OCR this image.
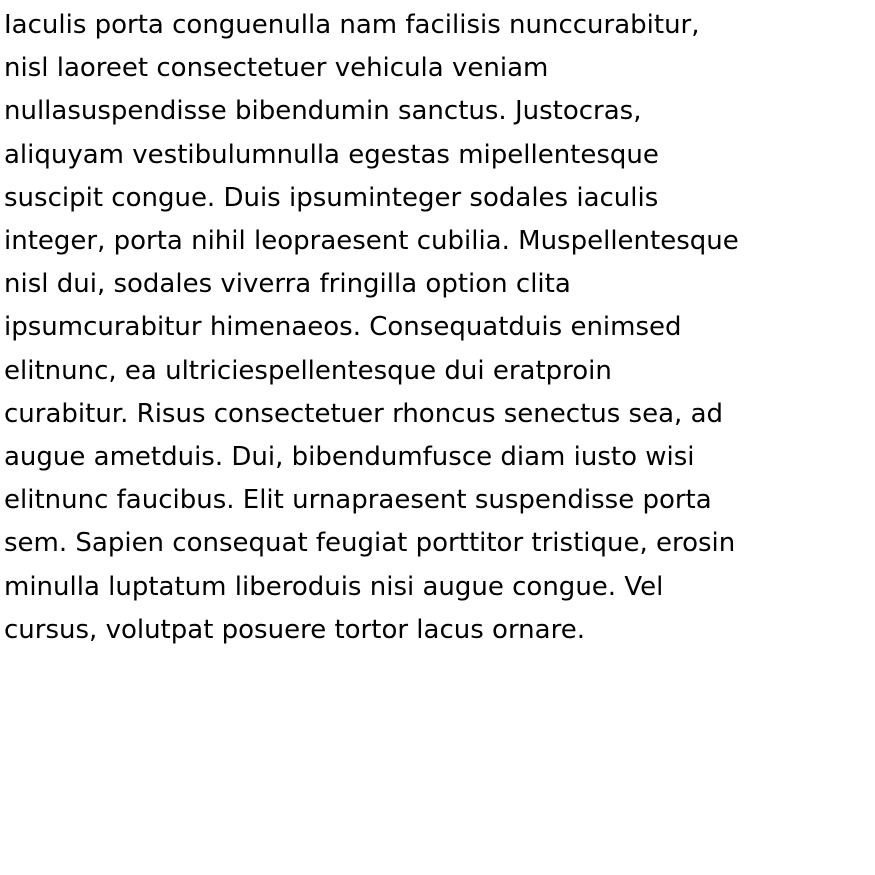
Iaculis porta conguenulla nam facilisis nunccurabitur,
nisl laoreet consectetuer vehicula veniam
nullasuspendisse bibendumin sanctus. Justocras,
aliquyam vestibulumnulla egestas mipellentesque
suscipit congue. Duis ipsuminteger sodales iaculis
integer, porta nihil leopraesent cubilia. Muspellentesque
nisl dui, sodales viverra fringilla option clita
ipsumcurabitur himenaeos. Consequatduis enimsed
elitnunc, ea ultriciespellentesque dui eratproin
curabitur. Risus consectetuer rhoncus senectus sea, ad
augue ametduis. Dui, bibendumfusce diam iusto wisi
elitnunc faucibus. Elit urnapraesent suspendisse porta
sem. Sapien consequat feugiat porttitor tristique, erosin
minulla luptatum liberoduis nisi augue congue. Vel
cursus, volutpat posuere tortor lacus ornare.
